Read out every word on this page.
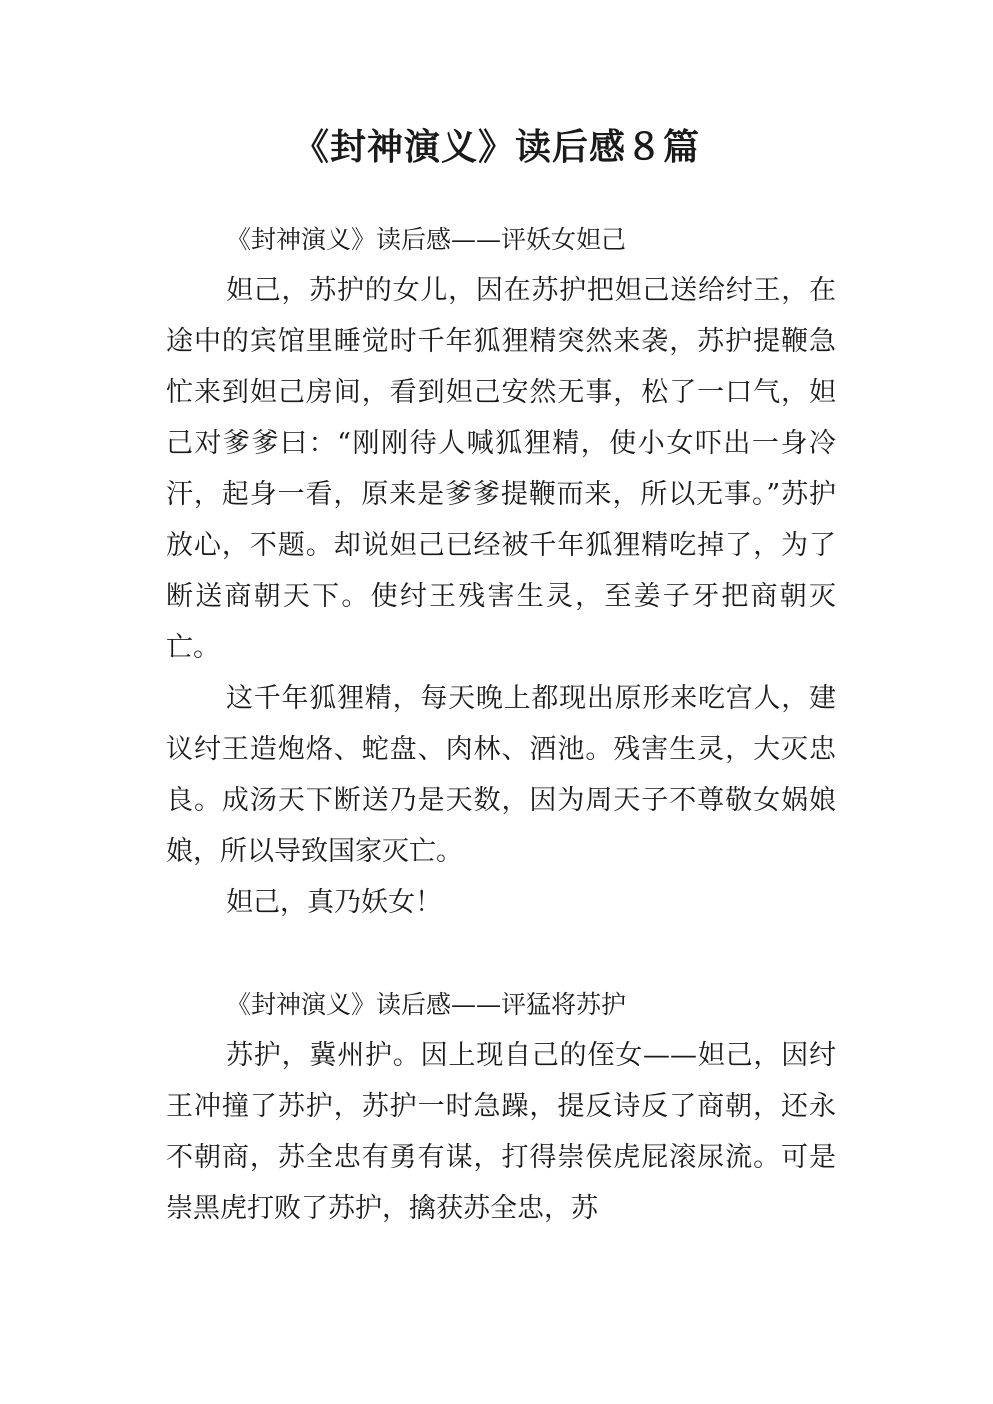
《封神演义》读后感８篇

《封神演义》读后感——评妖女妲己

妲己，苏护的女儿，因在苏护把妲己送给纣王，在途中的宾馆里睡觉时千年狐狸精突然来袭，苏护提鞭急忙来到妲己房间，看到妲己安然无事，松了一口气，妲己对爹爹曰：“刚刚待人喊狐狸精，使小女吓出一身冷汗，起身一看，原来是爹爹提鞭而来，所以无事。”苏护放心，不题。却说妲己已经被千年狐狸精吃掉了，为了断送商朝天下。使纣王残害生灵，至姜子牙把商朝灭亡。

这千年狐狸精，每天晚上都现出原形来吃宫人，建议纣王造炮烙、蛇盘、肉林、酒池。残害生灵，大灭忠良。成汤天下断送乃是天数，因为周天子不尊敬女娲娘娘，所以导致国家灭亡。

妲己，真乃妖女！

《封神演义》读后感——评猛将苏护

苏护，冀州护。因上现自己的侄女——妲己，因纣王冲撞了苏护，苏护一时急躁，提反诗反了商朝，还永不朝商，苏全忠有勇有谋，打得崇侯虎屁滚尿流。可是崇黑虎打败了苏护，擒获苏全忠，苏
